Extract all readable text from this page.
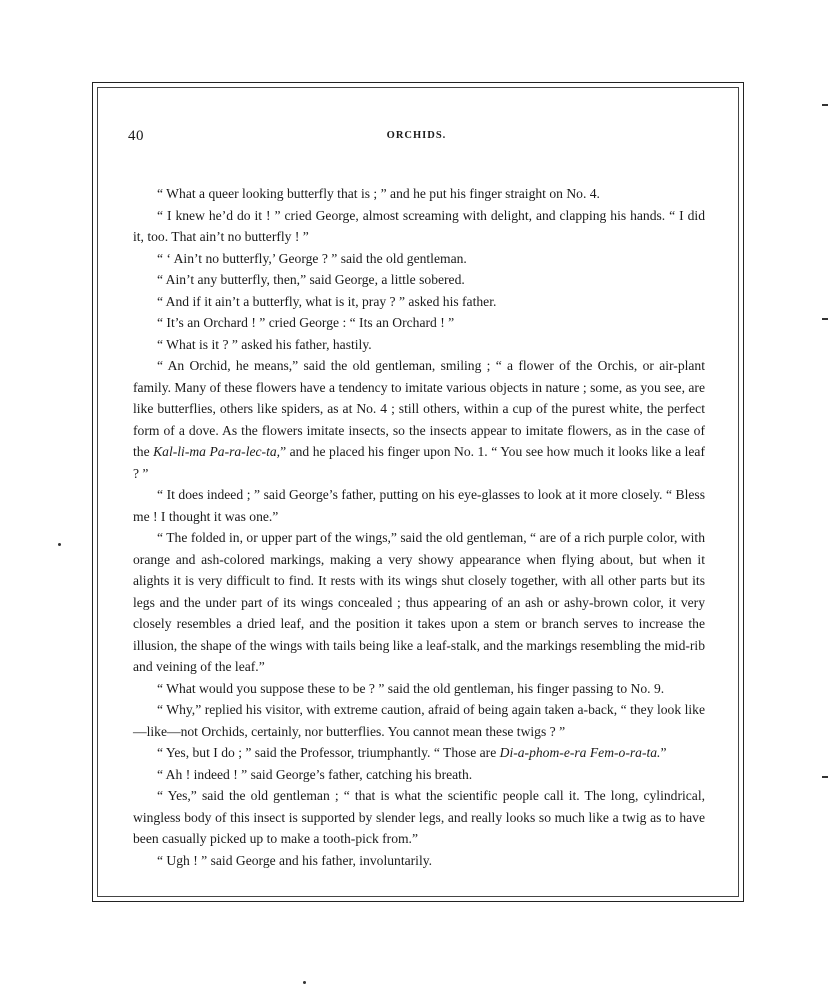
40	ORCHIDS.

“ What a queer looking butterfly that is ; ” and he put his finger straight on No. 4.

“ I knew he’d do it ! ” cried George, almost screaming with delight, and clapping his hands. “ I did it, too. That ain’t no butterfly ! ”

“ ‘ Ain’t no butterfly,’ George ? ” said the old gentleman.

“ Ain’t any butterfly, then,” said George, a little sobered.

“ And if it ain’t a butterfly, what is it, pray ? ” asked his father.

“ It’s an Orchard ! ” cried George : “ Its an Orchard ! ”

“ What is it ? ” asked his father, hastily.

“ An Orchid, he means,” said the old gentleman, smiling ; “ a flower of the Orchis, or air-plant family. Many of these flowers have a tendency to imitate various objects in nature ; some, as you see, are like butterflies, others like spiders, as at No. 4 ; still others, within a cup of the purest white, the perfect form of a dove. As the flowers imitate insects, so the insects appear to imitate flowers, as in the case of the Kal-li-ma Pa-ra-lec-ta,” and he placed his finger upon No. 1. “ You see how much it looks like a leaf ? ”

“ It does indeed ; ” said George’s father, putting on his eye-glasses to look at it more closely. “ Bless me ! I thought it was one.”

“ The folded in, or upper part of the wings,” said the old gentleman, “ are of a rich purple color, with orange and ash-colored markings, making a very showy appearance when flying about, but when it alights it is very difficult to find. It rests with its wings shut closely together, with all other parts but its legs and the under part of its wings concealed ; thus appearing of an ash or ashy-brown color, it very closely resembles a dried leaf, and the position it takes upon a stem or branch serves to increase the illusion, the shape of the wings with tails being like a leaf-stalk, and the markings resembling the mid-rib and veining of the leaf.”

“ What would you suppose these to be ? ” said the old gentleman, his finger passing to No. 9.

“ Why,” replied his visitor, with extreme caution, afraid of being again taken a-back, “ they look like—like—not Orchids, certainly, nor butterflies. You cannot mean these twigs ? ”

“ Yes, but I do ; ” said the Professor, triumphantly. “ Those are Di-a-phom-e-ra Fem-o-ra-ta.”

“ Ah ! indeed ! ” said George’s father, catching his breath.

“ Yes,” said the old gentleman ; “ that is what the scientific people call it. The long, cylindrical, wingless body of this insect is supported by slender legs, and really looks so much like a twig as to have been casually picked up to make a tooth-pick from.”

“ Ugh ! ” said George and his father, involuntarily.
